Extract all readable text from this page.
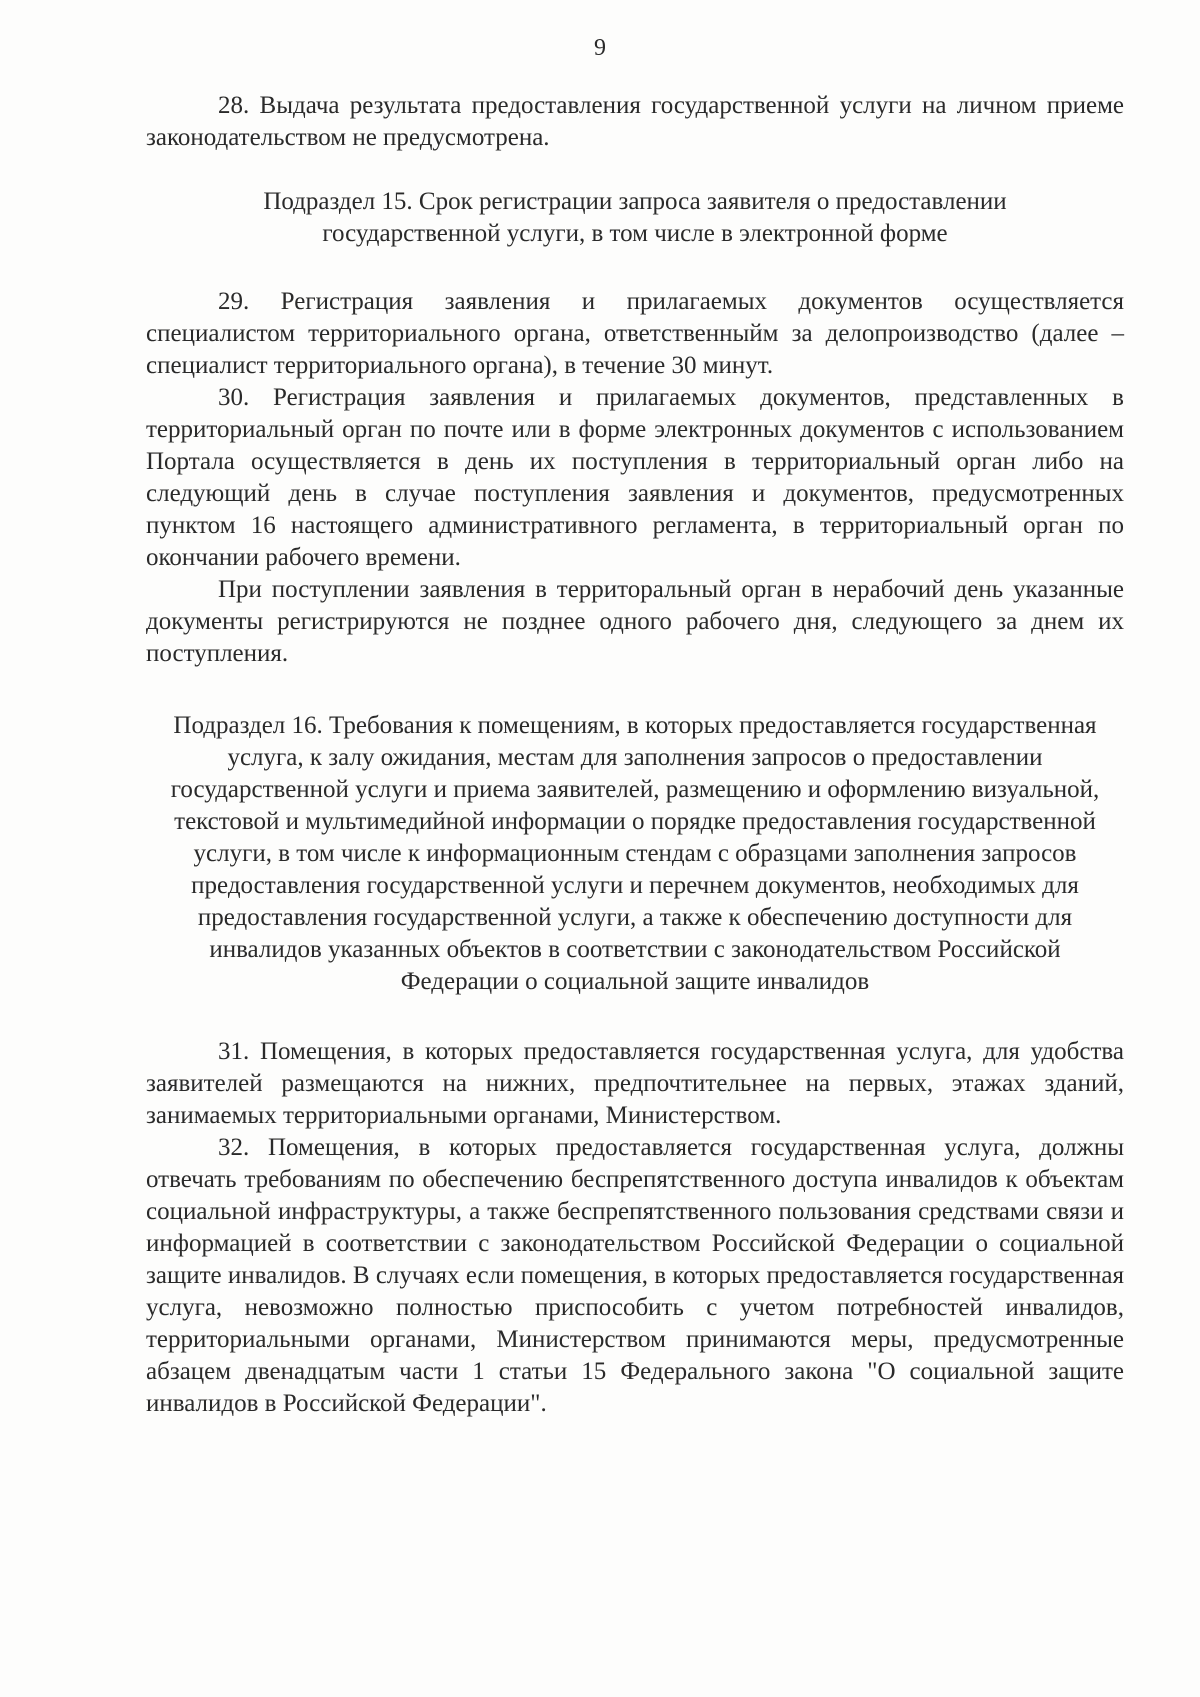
9

28. Выдача результата предоставления государственной услуги на личном приеме законодательством не предусмотрена.

Подраздел 15. Срок регистрации запроса заявителя о предоставлении государственной услуги, в том числе в электронной форме

29. Регистрация заявления и прилагаемых документов осуществляется специалистом территориального органа, ответственныйм за делопроизводство (далее – специалист территориального органа), в течение 30 минут.

30. Регистрация заявления и прилагаемых документов, представленных в территориальный орган по почте или в форме электронных документов с использованием Портала осуществляется в день их поступления в территориальный орган либо на следующий день в случае поступления заявления и документов, предусмотренных пунктом 16 настоящего административного регламента, в территориальный орган по окончании рабочего времени.

При поступлении заявления в территоральный орган в нерабочий день указанные документы регистрируются не позднее одного рабочего дня, следующего за днем их поступления.

Подраздел 16. Требования к помещениям, в которых предоставляется государственная услуга, к залу ожидания, местам для заполнения запросов о предоставлении государственной услуги и приема заявителей, размещению и оформлению визуальной, текстовой и мультимедийной информации о порядке предоставления государственной услуги, в том числе к информационным стендам с образцами заполнения запросов предоставления государственной услуги и перечнем документов, необходимых для предоставления государственной услуги, а также к обеспечению доступности для инвалидов указанных объектов в соответствии с законодательством Российской Федерации о социальной защите инвалидов

31. Помещения, в которых предоставляется государственная услуга, для удобства заявителей размещаются на нижних, предпочтительнее на первых, этажах зданий, занимаемых территориальными органами, Министерством.

32. Помещения, в которых предоставляется государственная услуга, должны отвечать требованиям по обеспечению беспрепятственного доступа инвалидов к объектам социальной инфраструктуры, а также беспрепятственного пользования средствами связи и информацией в соответствии с законодательством Российской Федерации о социальной защите инвалидов. В случаях если помещения, в которых предоставляется государственная услуга, невозможно полностью приспособить с учетом потребностей инвалидов, территориальными органами, Министерством принимаются меры, предусмотренные абзацем двенадцатым части 1 статьи 15 Федерального закона "О социальной защите инвалидов в Российской Федерации".
